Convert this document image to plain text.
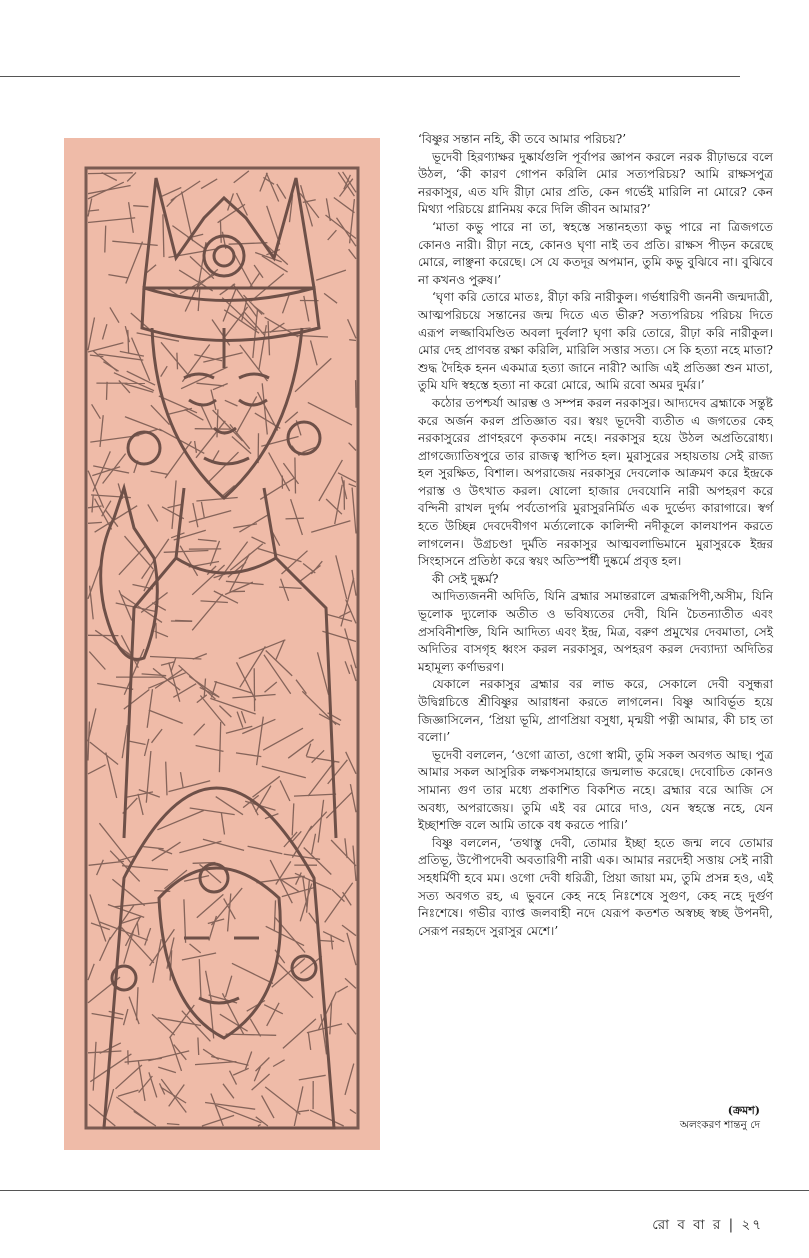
‘বিষ্ণুর সন্তান নহি, কী তবে আমার পরিচয়?’

ভূদেবী হিরণ্যাক্ষর দুষ্কার্যগুলি পূর্বাপর জ্ঞাপন করলে নরক রীঢ়াভরে বলে উঠল, ‘কী কারণ গোপন করিলি মোর সত্যপরিচয়? আমি রাক্ষসপুত্র নরকাসুর, এত যদি রীঢ়া মোর প্রতি, কেন গর্ভেই মারিলি না মোরে? কেন মিথ্যা পরিচয়ে গ্লানিময় করে দিলি জীবন আমার?’

‘মাতা কভু পারে না তা, স্বহস্তে সন্তানহত্যা কভু পারে না ত্রিজগতে কোনও নারী। রীঢ়া নহে, কোনও ঘৃণা নাই তব প্রতি। রাক্ষস পীড়ন করেছে মোরে, লাঞ্ছনা করেছে। সে যে কতদূর অপমান, তুমি কভু বুঝিবে না। বুঝিবে না কখনও পুরুষ।’

‘ঘৃণা করি তোরে মাতঃ, রীঢ়া করি নারীকুল। গর্ভধারিণী জননী জন্মদাত্রী, আত্মপরিচয়ে সন্তানের জন্ম দিতে এত ভীরু? সত্যপরিচয় পরিচয় দিতে এরূপ লজ্জাবিমণ্ডিত অবলা দুর্বলা? ঘৃণা করি তোরে, রীঢ়া করি নারীকুল। মোর দেহ প্রাণবন্ত রক্ষা করিলি, মারিলি সত্তার সত্য। সে কি হত্যা নহে মাতা? শুদ্ধ দৈহিক হনন একমাত্র হত্যা জানে নারী? আজি এই প্রতিজ্ঞা শুন মাতা, তুমি যদি স্বহস্তে হত্যা না করো মোরে, আমি রবো অমর দুর্মর।’

কঠোর তপশ্চর্যা আরম্ভ ও সম্পন্ন করল নরকাসুর। আদ্যদেব ব্রহ্মাকে সন্তুষ্ট করে অর্জন করল প্রতিজ্ঞাত বর। স্বয়ং ভূদেবী ব্যতীত এ জগতের কেহ নরকাসুরের প্রাণহরণে কৃতকাম নহে। নরকাসুর হয়ে উঠল অপ্রতিরোধ্য। প্রাগজ্যোতিষপুরে তার রাজত্ব স্থাপিত হল। মুরাসুরের সহায়তায় সেই রাজ্য হল সুরক্ষিত, বিশাল। অপরাজেয় নরকাসুর দেবলোক আক্রমণ করে ইন্দ্রকে পরাস্ত ও উৎখাত করল। ষোলো হাজার দেবযোনি নারী অপহরণ করে বন্দিনী রাখল দুর্গম পর্বতোপরি মুরাসুরনির্মিত এক দুর্ভেদ্য কারাগারে। স্বর্গ হতে উচ্ছিন্ন দেবদেবীগণ মর্ত্যলোকে কালিন্দী নদীকূলে কালযাপন করতে লাগলেন। উগ্রচণ্ডা দুর্মতি নরকাসুর আত্মবলাভিমানে মুরাসুরকে ইন্দ্রর সিংহাসনে প্রতিষ্ঠা করে স্বয়ং অতিস্পর্ধী দুষ্কর্মে প্রবৃত্ত হল।

কী সেই দুষ্কর্ম?

আদিত্যজননী অদিতি, যিনি ব্রহ্মার সমান্তরালে ব্রহ্মরূপিণী,অসীম, যিনি ভূলোক দ্যুলোক অতীত ও ভবিষ্যতের দেবী, যিনি চৈতন্যাতীত এবং প্রসবিনীশক্তি, যিনি আদিত্য এবং ইন্দ্র, মিত্র, বরুণ প্রমুখের দেবমাতা, সেই অদিতির বাসগৃহ ধ্বংস করল নরকাসুর, অপহরণ করল দেব্যাদ্যা অদিতির মহামূল্য কর্ণাভরণ।

যেকালে নরকাসুর ব্রহ্মার বর লাভ করে, সেকালে দেবী বসুন্ধরা উদ্বিগ্নচিত্তে শ্রীবিষ্ণুর আরাধনা করতে লাগলেন। বিষ্ণু আবির্ভূত হয়ে জিজ্ঞাসিলেন, ‘প্রিয়া ভূমি, প্রাণপ্রিয়া বসুধা, মৃন্ময়ী পত্নী আমার, কী চাহ তা বলো।’

ভূদেবী বললেন, ‘ওগো ত্রাতা, ওগো স্বামী, তুমি সকল অবগত আছ। পুত্র আমার সকল আসুরিক লক্ষণসমাহারে জন্মলাভ করেছে। দেবোচিত কোনও সামান্য গুণ তার মধ্যে প্রকাশিত বিকশিত নহে। ব্রহ্মার বরে আজি সে অবধ্য, অপরাজেয়। তুমি এই বর মোরে দাও, যেন স্বহস্তে নহে, যেন ইচ্ছাশক্তি বলে আমি তাকে বধ করতে পারি।’

বিষ্ণু বললেন, ‘তথাস্তু দেবী, তোমার ইচ্ছা হতে জন্ম লবে তোমার প্রতিভূ, উপৌপদেবী অবতারিণী নারী এক। আমার নরদেহী সত্তায় সেই নারী সহধর্মিণী হবে মম। ওগো দেবী ধরিত্রী, প্রিয়া জায়া মম, তুমি প্রসন্ন হও, এই সত্য অবগত রহ, এ ভুবনে কেহ নহে নিঃশেষে সুগুণ, কেহ নহে দুর্গুণ নিঃশেষে। গভীর ব্যাপ্ত জলবাহী নদে যেরূপ কতশত অস্বচ্ছ স্বচ্ছ উপনদী, সেরূপ নরহৃদে সুরাসুর মেশে।’

(ক্রমশ)
অলংকরণ শান্তনু দে
রো ব বা র | ২৭
